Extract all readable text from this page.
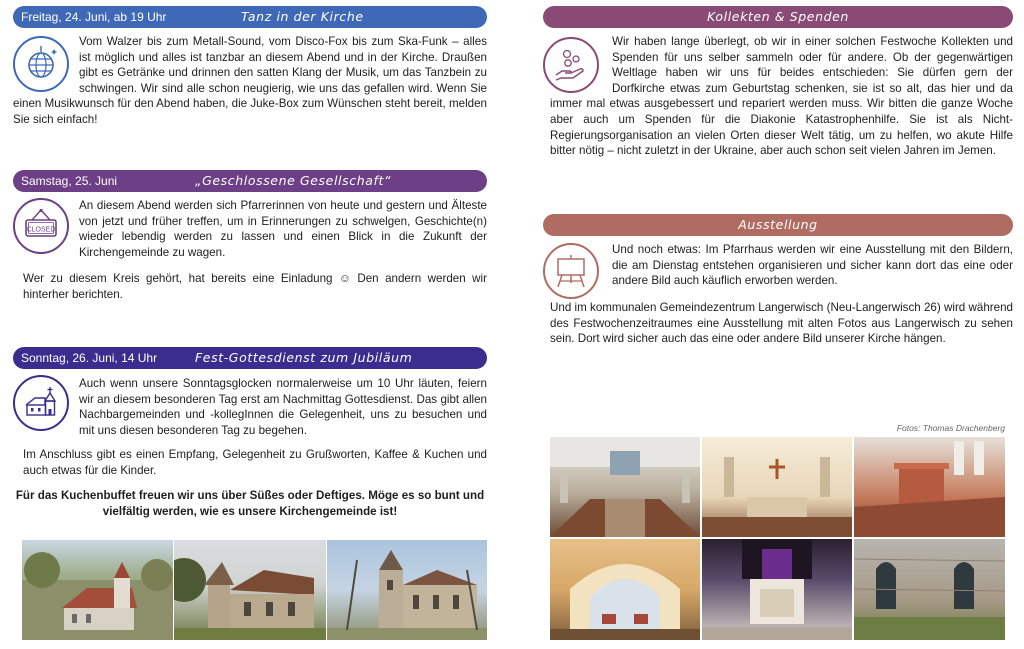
Freitag, 24. Juni, ab 19 Uhr	Tanz in der Kirche

Vom Walzer bis zum Metall-Sound, vom Disco-Fox bis zum Ska-Funk – alles ist möglich und alles ist tanzbar an diesem Abend und in der Kirche. Draußen gibt es Getränke und drinnen den satten Klang der Musik, um das Tanzbein zu schwingen. Wir sind alle schon neugierig, wie uns das gefallen wird. Wenn Sie einen Musikwunsch für den Abend haben, die Juke-Box zum Wünschen steht bereit, melden Sie sich einfach!

Samstag, 25. Juni	„Geschlossene Gesellschaft“
CLOSED

An diesem Abend werden sich Pfarrerinnen von heute und gestern und Älteste von jetzt und früher treffen, um in Erinnerungen zu schwelgen, Geschichte(n) wieder lebendig werden zu lassen und einen Blick in die Zukunft der Kirchengemeinde zu wagen.

Wer zu diesem Kreis gehört, hat bereits eine Einladung ☺ Den andern werden wir hinterher berichten.

Sonntag, 26. Juni, 14 Uhr	Fest-Gottesdienst zum Jubiläum

Auch wenn unsere Sonntagsglocken normalerweise um 10 Uhr läuten, feiern wir an diesem besonderen Tag erst am Nachmittag Gottesdienst. Das gibt allen Nachbargemeinden und -kollegInnen die Gelegenheit, uns zu besuchen und mit uns diesen besonderen Tag zu begehen.

Im Anschluss gibt es einen Empfang, Gelegenheit zu Grußworten, Kaffee & Kuchen und auch etwas für die Kinder.

Für das Kuchenbuffet freuen wir uns über Süßes oder Deftiges. Möge es so bunt und vielfältig werden, wie es unsere Kirchengemeinde ist!

Kollekten & Spenden

Wir haben lange überlegt, ob wir in einer solchen Festwoche Kollekten und Spenden für uns selber sammeln oder für andere. Ob der gegenwärtigen Weltlage haben wir uns für beides entschieden: Sie dürfen gern der Dorfkirche etwas zum Geburtstag schenken, sie ist so alt, das hier und da immer mal etwas ausgebessert und repariert werden muss. Wir bitten die ganze Woche aber auch um Spenden für die Diakonie Katastrophenhilfe. Sie ist als Nicht-Regierungsorganisation an vielen Orten dieser Welt tätig, um zu helfen, wo akute Hilfe bitter nötig – nicht zuletzt in der Ukraine, aber auch schon seit vielen Jahren im Jemen.

Ausstellung

Und noch etwas: Im Pfarrhaus werden wir eine Ausstellung mit den Bildern, die am Dienstag entstehen organisieren und sicher kann dort das eine oder andere Bild auch käuflich erworben werden.

Und im kommunalen Gemeindezentrum Langerwisch (Neu-Langerwisch 26) wird während des Festwochenzeitraumes eine Ausstellung mit alten Fotos aus Langerwisch zu sehen sein. Dort wird sicher auch das eine oder andere Bild unserer Kirche hängen.

Fotos: Thomas Drachenberg
